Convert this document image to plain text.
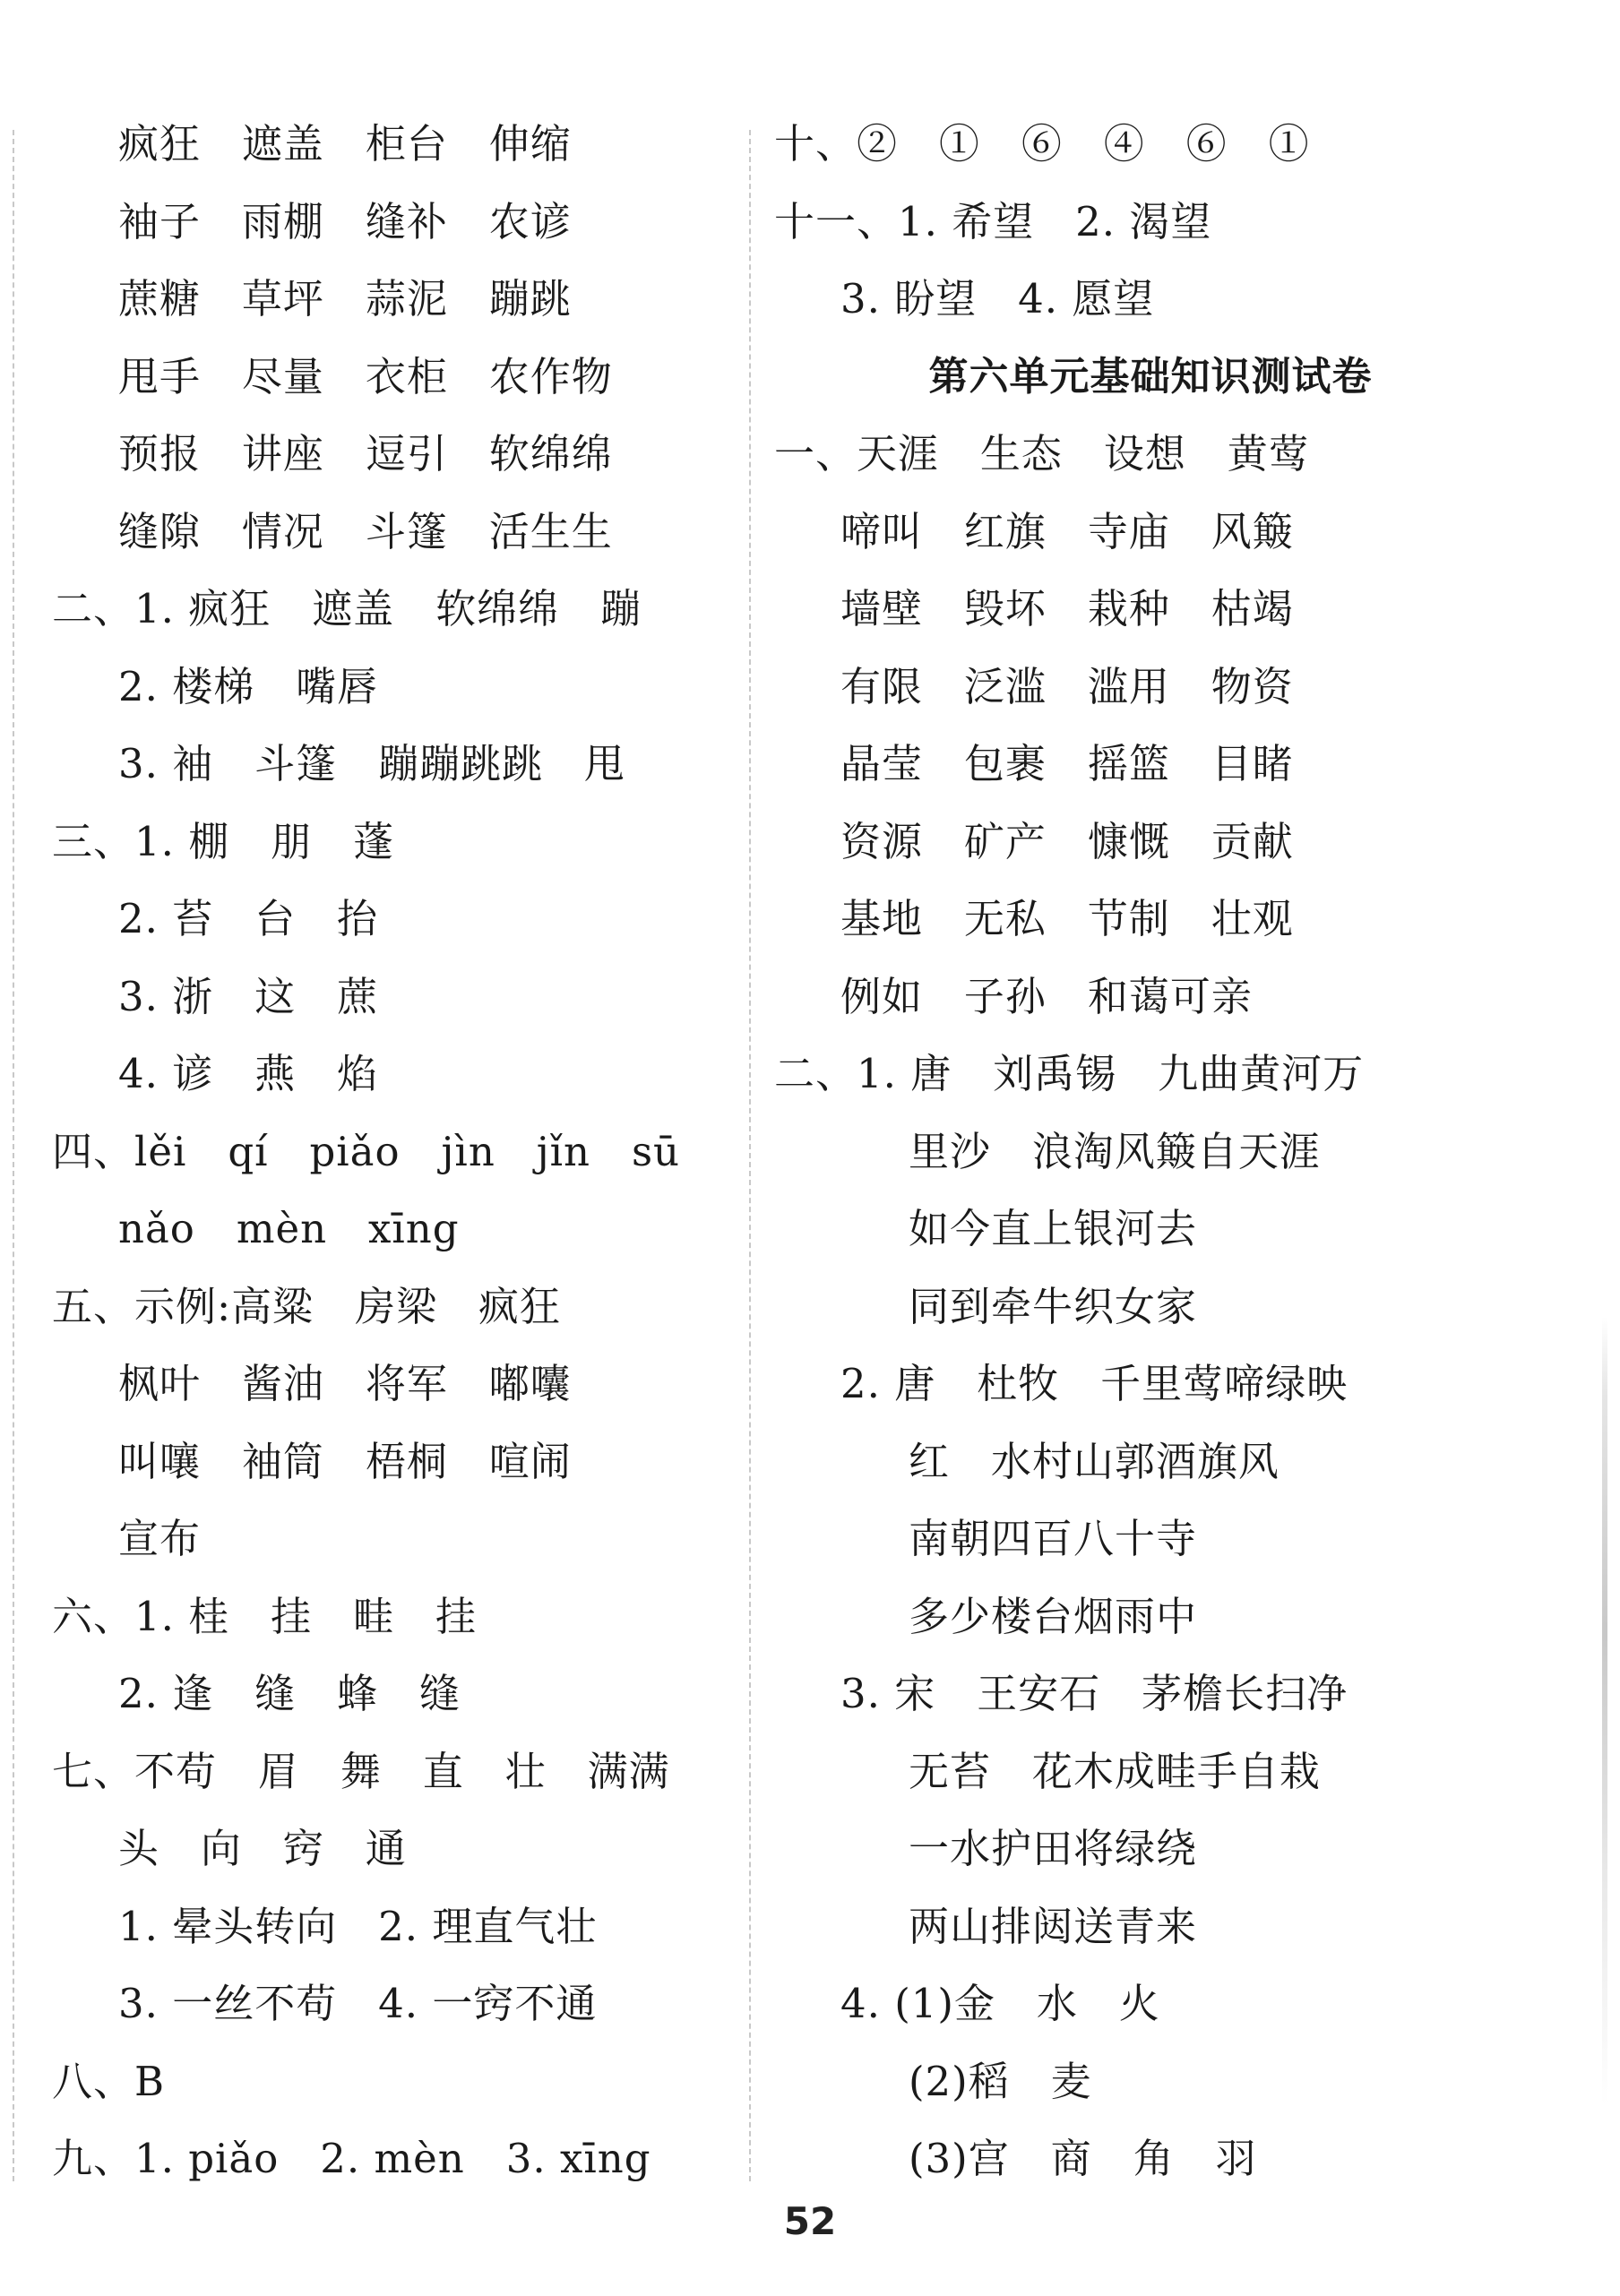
疯狂   遮盖   柜台   伸缩
袖子   雨棚   缝补   农谚
蔗糖   草坪   蒜泥   蹦跳
甩手   尽量   衣柜   农作物
预报   讲座   逗引   软绵绵
缝隙   情况   斗篷   活生生
二、1. 疯狂   遮盖   软绵绵   蹦
2. 楼梯   嘴唇
3. 袖   斗篷   蹦蹦跳跳   甩
三、1. 棚   朋   蓬
2. 苔   台   抬
3. 浙   这   蔗
4. 谚   燕   焰
四、lěi   qí   piǎo   jìn   jǐn   sū
nǎo   mèn   xīng
五、示例:高粱   房梁   疯狂
枫叶   酱油   将军   嘟囔
叫嚷   袖筒   梧桐   喧闹
宣布
六、1. 桂   挂   畦   挂
2. 逢   缝   蜂   缝
七、不苟   眉   舞   直   壮   满满
头   向   窍   通
1. 晕头转向   2. 理直气壮
3. 一丝不苟   4. 一窍不通
八、B
九、1. piǎo   2. mèn   3. xīng
十、②   ①   ⑥   ④   ⑥   ①
十一、1. 希望   2. 渴望
3. 盼望   4. 愿望
第六单元基础知识测试卷
一、天涯   生态   设想   黄莺
啼叫   红旗   寺庙   风簸
墙壁   毁坏   栽种   枯竭
有限   泛滥   滥用   物资
晶莹   包裹   摇篮   目睹
资源   矿产   慷慨   贡献
基地   无私   节制   壮观
例如   子孙   和蔼可亲
二、1. 唐   刘禹锡   九曲黄河万
里沙   浪淘风簸自天涯
如今直上银河去
同到牵牛织女家
2. 唐   杜牧   千里莺啼绿映
红   水村山郭酒旗风
南朝四百八十寺
多少楼台烟雨中
3. 宋   王安石   茅檐长扫净
无苔   花木成畦手自栽
一水护田将绿绕
两山排闼送青来
4. (1)金   水   火
(2)稻   麦
(3)宫   商   角   羽
52
